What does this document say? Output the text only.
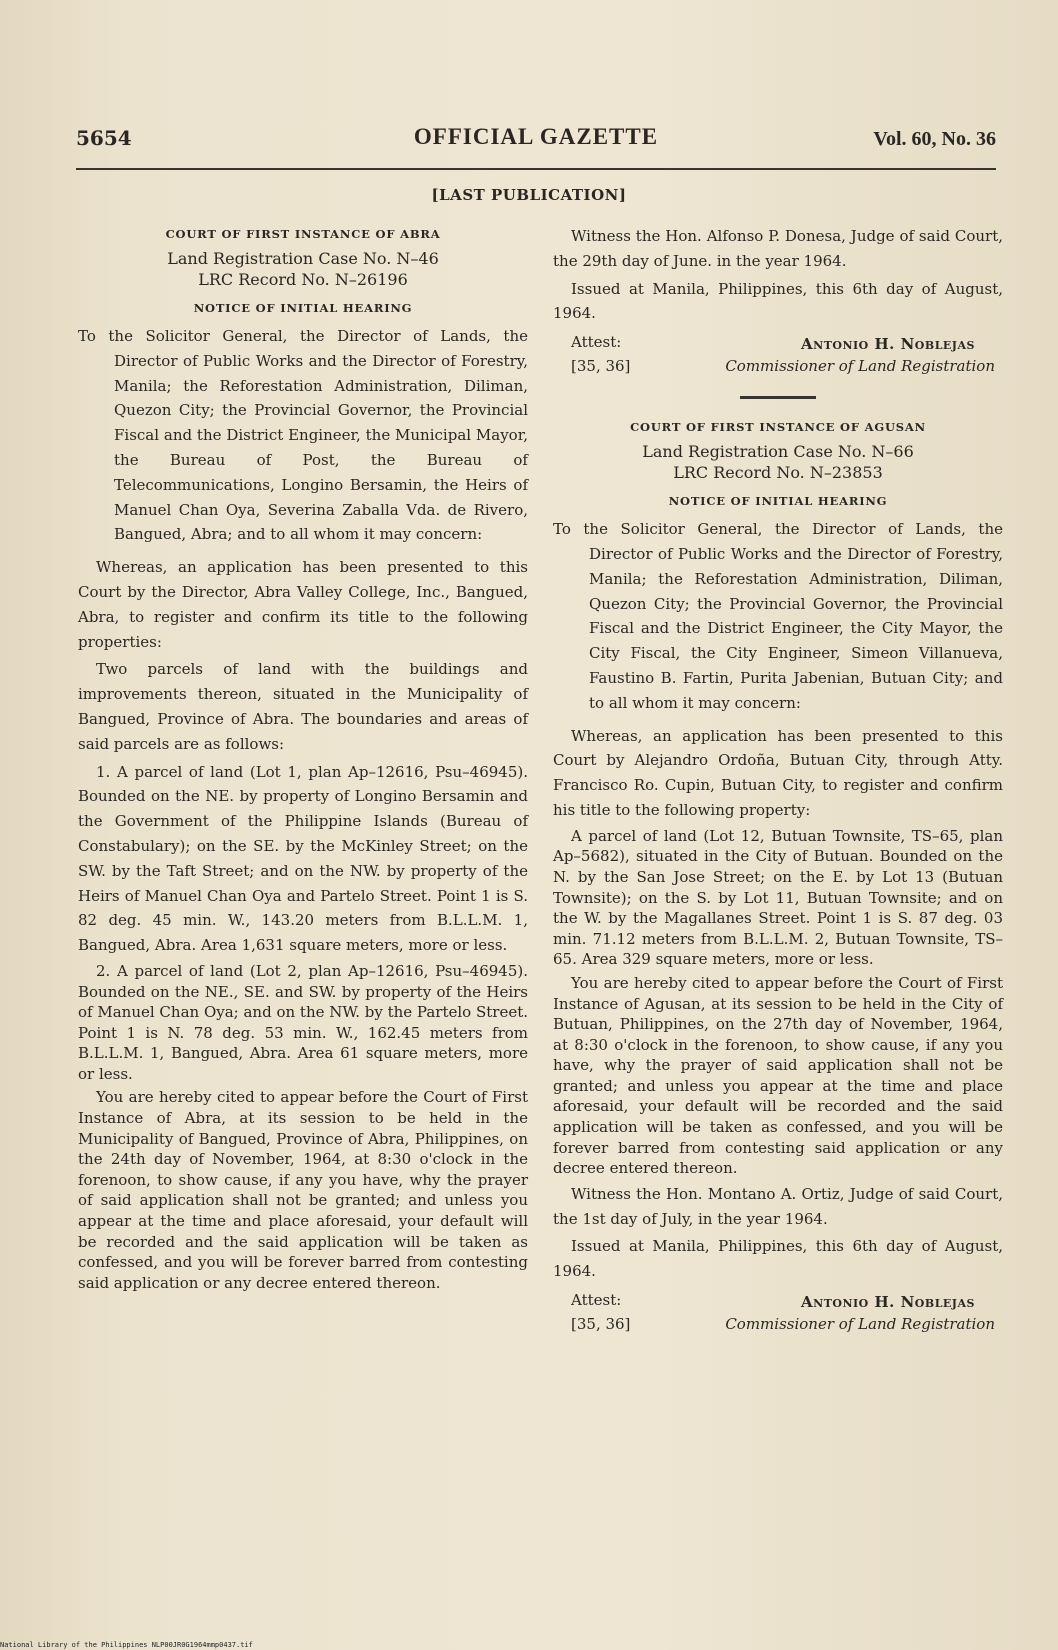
5654	OFFICIAL GAZETTE	Vol. 60, No. 36
[LAST PUBLICATION]
COURT OF FIRST INSTANCE OF ABRA
Land Registration Case No. N–46
LRC Record No. N–26196
NOTICE OF INITIAL HEARING

To the Solicitor General, the Director of Lands, the Director of Public Works and the Director of Forestry, Manila; the Reforestation Administration, Diliman, Quezon City; the Provincial Governor, the Provincial Fiscal and the District Engineer, the Municipal Mayor, the Bureau of Post, the Bureau of Telecommunications, Longino Bersamin, the Heirs of Manuel Chan Oya, Severina Zaballa Vda. de Rivero, Bangued, Abra; and to all whom it may concern:

Whereas, an application has been presented to this Court by the Director, Abra Valley College, Inc., Bangued, Abra, to register and confirm its title to the following properties:

Two parcels of land with the buildings and improvements thereon, situated in the Municipality of Bangued, Province of Abra. The boundaries and areas of said parcels are as follows:

1. A parcel of land (Lot 1, plan Ap–12616, Psu–46945). Bounded on the NE. by property of Longino Bersamin and the Government of the Philippine Islands (Bureau of Constabulary); on the SE. by the McKinley Street; on the SW. by the Taft Street; and on the NW. by property of the Heirs of Manuel Chan Oya and Partelo Street. Point 1 is S. 82 deg. 45 min. W., 143.20 meters from B.L.L.M. 1, Bangued, Abra. Area 1,631 square meters, more or less.

2. A parcel of land (Lot 2, plan Ap–12616, Psu–46945). Bounded on the NE., SE. and SW. by property of the Heirs of Manuel Chan Oya; and on the NW. by the Partelo Street. Point 1 is N. 78 deg. 53 min. W., 162.45 meters from B.L.L.M. 1, Bangued, Abra. Area 61 square meters, more or less.

You are hereby cited to appear before the Court of First Instance of Abra, at its session to be held in the Municipality of Bangued, Province of Abra, Philippines, on the 24th day of November, 1964, at 8:30 o'clock in the forenoon, to show cause, if any you have, why the prayer of said application shall not be granted; and unless you appear at the time and place aforesaid, your default will be recorded and the said application will be taken as confessed, and you will be forever barred from contesting said application or any decree entered thereon.

Witness the Hon. Alfonso P. Donesa, Judge of said Court, the 29th day of June. in the year 1964.

Issued at Manila, Philippines, this 6th day of August, 1964.

Attest:
[35, 36]
Antonio H. Noblejas
Commissioner of Land Registration
COURT OF FIRST INSTANCE OF AGUSAN
Land Registration Case No. N–66
LRC Record No. N–23853
NOTICE OF INITIAL HEARING

To the Solicitor General, the Director of Lands, the Director of Public Works and the Director of Forestry, Manila; the Reforestation Administration, Diliman, Quezon City; the Provincial Governor, the Provincial Fiscal and the District Engineer, the City Mayor, the City Fiscal, the City Engineer, Simeon Villanueva, Faustino B. Fartin, Purita Jabenian, Butuan City; and to all whom it may concern:

Whereas, an application has been presented to this Court by Alejandro Ordoña, Butuan City, through Atty. Francisco Ro. Cupin, Butuan City, to register and confirm his title to the following property:

A parcel of land (Lot 12, Butuan Townsite, TS–65, plan Ap–5682), situated in the City of Butuan. Bounded on the N. by the San Jose Street; on the E. by Lot 13 (Butuan Townsite); on the S. by Lot 11, Butuan Townsite; and on the W. by the Magallanes Street. Point 1 is S. 87 deg. 03 min. 71.12 meters from B.L.L.M. 2, Butuan Townsite, TS–65. Area 329 square meters, more or less.

You are hereby cited to appear before the Court of First Instance of Agusan, at its session to be held in the City of Butuan, Philippines, on the 27th day of November, 1964, at 8:30 o'clock in the forenoon, to show cause, if any you have, why the prayer of said application shall not be granted; and unless you appear at the time and place aforesaid, your default will be recorded and the said application will be taken as confessed, and you will be forever barred from contesting said application or any decree entered thereon.

Witness the Hon. Montano A. Ortiz, Judge of said Court, the 1st day of July, in the year 1964.

Issued at Manila, Philippines, this 6th day of August, 1964.

Attest:
[35, 36]
Antonio H. Noblejas
Commissioner of Land Registration
National Library of the Philippines NLP00JR0G1964mmp0437.tif
